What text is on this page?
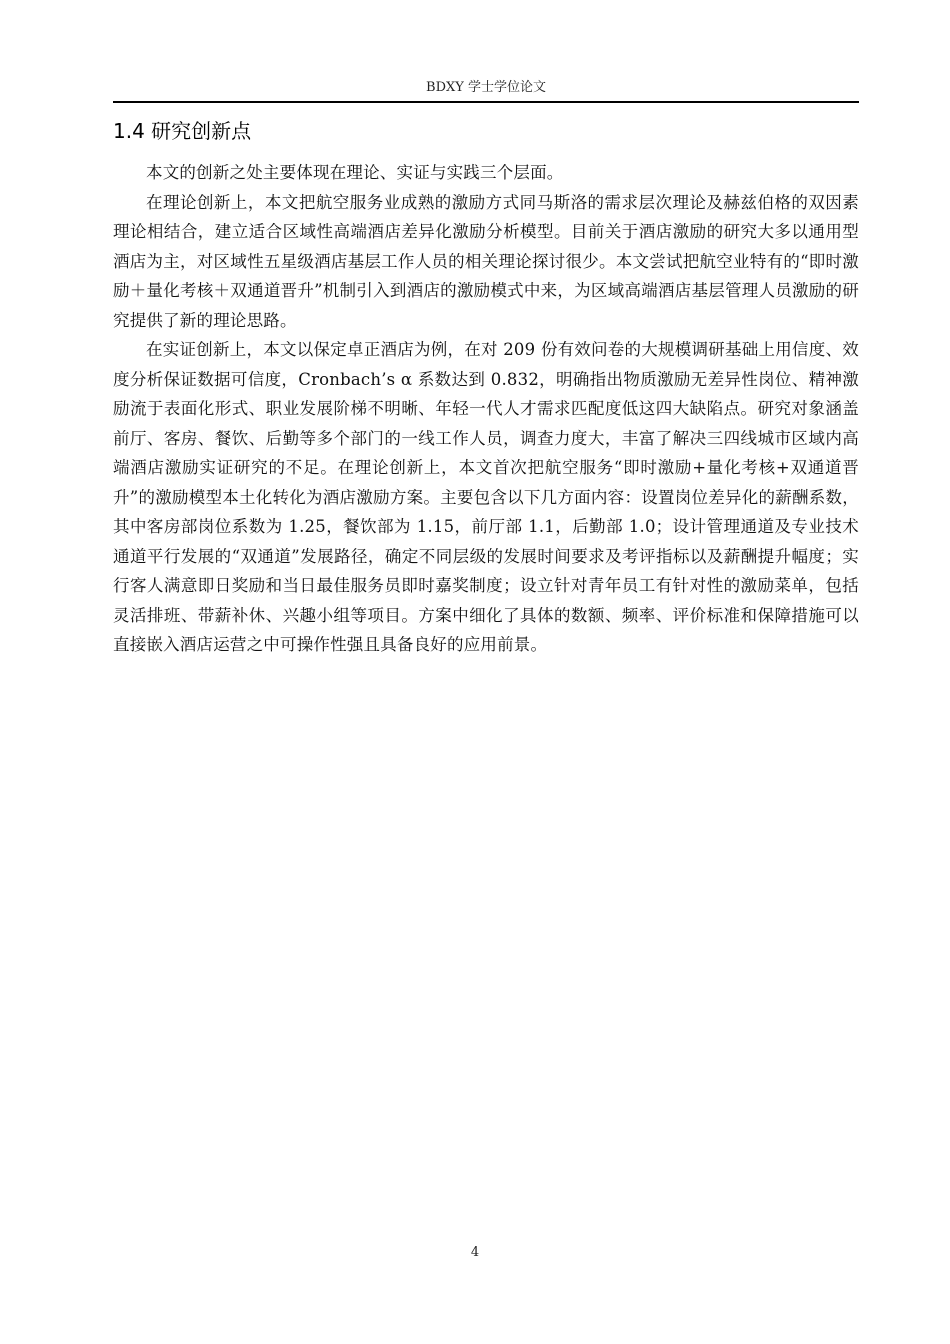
BDXY 学士学位论文
1.4 研究创新点

本文的创新之处主要体现在理论、实证与实践三个层面。

在理论创新上，本文把航空服务业成熟的激励方式同马斯洛的需求层次理论及赫兹伯格的双因素理论相结合，建立适合区域性高端酒店差异化激励分析模型。目前关于酒店激励的研究大多以通用型酒店为主，对区域性五星级酒店基层工作人员的相关理论探讨很少。本文尝试把航空业特有的“即时激励＋量化考核＋双通道晋升”机制引入到酒店的激励模式中来，为区域高端酒店基层管理人员激励的研究提供了新的理论思路。

在实证创新上，本文以保定卓正酒店为例，在对 209 份有效问卷的大规模调研基础上用信度、效度分析保证数据可信度，Cronbach’s α 系数达到 0.832，明确指出物质激励无差异性岗位、精神激励流于表面化形式、职业发展阶梯不明晰、年轻一代人才需求匹配度低这四大缺陷点。研究对象涵盖前厅、客房、餐饮、后勤等多个部门的一线工作人员，调查力度大，丰富了解决三四线城市区域内高端酒店激励实证研究的不足。在理论创新上，本文首次把航空服务“即时激励+量化考核+双通道晋升”的激励模型本土化转化为酒店激励方案。主要包含以下几方面内容：设置岗位差异化的薪酬系数，其中客房部岗位系数为 1.25，餐饮部为 1.15，前厅部 1.1，后勤部 1.0；设计管理通道及专业技术通道平行发展的“双通道”发展路径，确定不同层级的发展时间要求及考评指标以及薪酬提升幅度；实行客人满意即日奖励和当日最佳服务员即时嘉奖制度；设立针对青年员工有针对性的激励菜单，包括灵活排班、带薪补休、兴趣小组等项目。方案中细化了具体的数额、频率、评价标准和保障措施可以直接嵌入酒店运营之中可操作性强且具备良好的应用前景。

4
